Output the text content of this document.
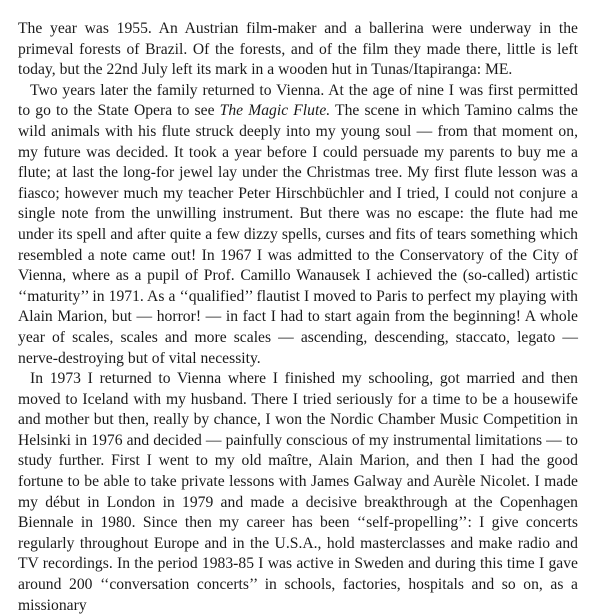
The year was 1955. An Austrian film-maker and a ballerina were underway in the primeval forests of Brazil. Of the forests, and of the film they made there, little is left today, but the 22nd July left its mark in a wooden hut in Tunas/Itapiranga: ME.

Two years later the family returned to Vienna. At the age of nine I was first permitted to go to the State Opera to see The Magic Flute. The scene in which Tamino calms the wild animals with his flute struck deeply into my young soul — from that moment on, my future was decided. It took a year before I could persuade my parents to buy me a flute; at last the long-for jewel lay under the Christmas tree. My first flute lesson was a fiasco; however much my teacher Peter Hirschbüchler and I tried, I could not conjure a single note from the unwilling instrument. But there was no escape: the flute had me under its spell and after quite a few dizzy spells, curses and fits of tears something which resembled a note came out! In 1967 I was admitted to the Conservatory of the City of Vienna, where as a pupil of Prof. Camillo Wanausek I achieved the (so-called) artistic ‘‘maturity’’ in 1971. As a ‘‘qualified’’ flautist I moved to Paris to perfect my playing with Alain Marion, but — horror! — in fact I had to start again from the beginning! A whole year of scales, scales and more scales — ascending, descending, staccato, legato — nerve-destroying but of vital necessity.

In 1973 I returned to Vienna where I finished my schooling, got married and then moved to Iceland with my husband. There I tried seriously for a time to be a housewife and mother but then, really by chance, I won the Nordic Chamber Music Competition in Helsinki in 1976 and decided — painfully conscious of my instrumental limitations — to study further. First I went to my old maître, Alain Marion, and then I had the good fortune to be able to take private lessons with James Galway and Aurèle Nicolet. I made my début in London in 1979 and made a decisive breakthrough at the Copenhagen Biennale in 1980. Since then my career has been ‘‘self-propelling’’: I give concerts regularly throughout Europe and in the U.S.A., hold masterclasses and make radio and TV recordings. In the period 1983-85 I was active in Sweden and during this time I gave around 200 ‘‘conversation concerts’’ in schools, factories, hospitals and so on, as a missionary
